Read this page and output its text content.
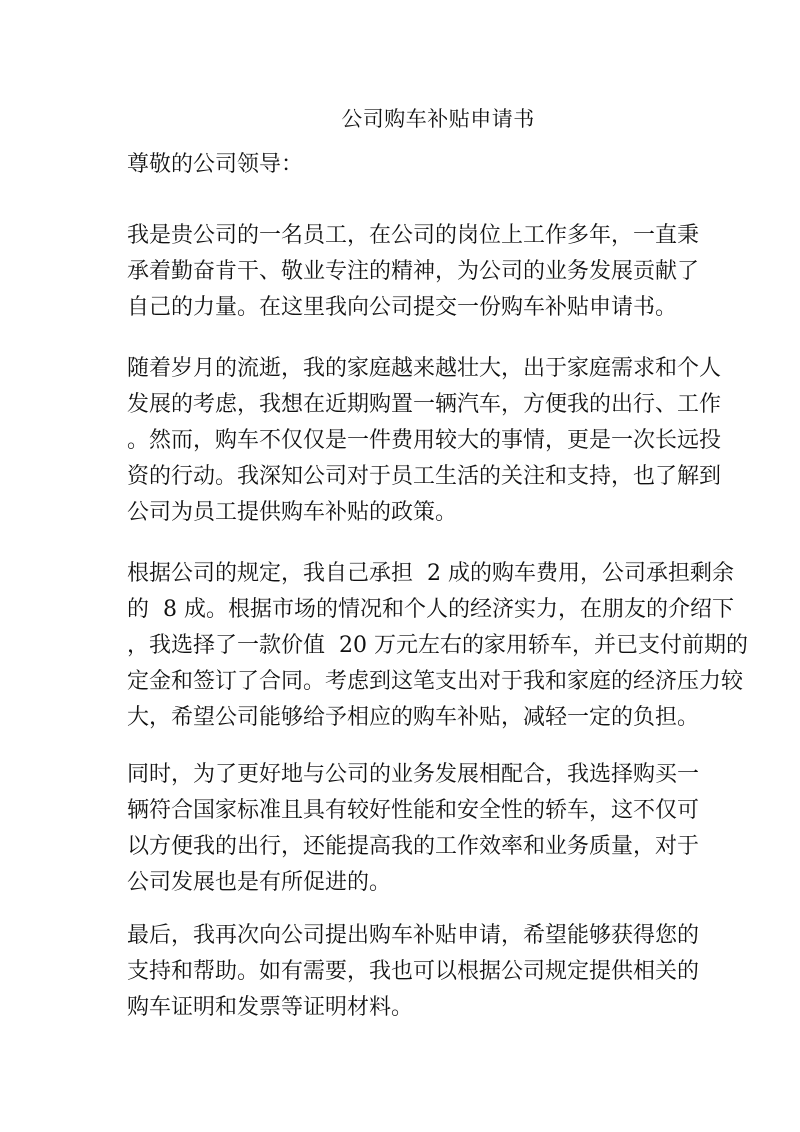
公司购车补贴申请书

尊敬的公司领导：

我是贵公司的一名员工，在公司的岗位上工作多年，一直秉
承着勤奋肯干、敬业专注的精神，为公司的业务发展贡献了
自己的力量。在这里我向公司提交一份购车补贴申请书。
随着岁月的流逝，我的家庭越来越壮大，出于家庭需求和个人
发展的考虑，我想在近期购置一辆汽车，方便我的出行、工作
。然而，购车不仅仅是一件费用较大的事情，更是一次长远投
资的行动。我深知公司对于员工生活的关注和支持，也了解到
公司为员工提供购车补贴的政策。
根据公司的规定，我自己承担  2 成的购车费用，公司承担剩余
的  8 成。根据市场的情况和个人的经济实力，在朋友的介绍下
，我选择了一款价值  20 万元左右的家用轿车，并已支付前期的
定金和签订了合同。考虑到这笔支出对于我和家庭的经济压力较
大，希望公司能够给予相应的购车补贴，减轻一定的负担。
同时，为了更好地与公司的业务发展相配合，我选择购买一
辆符合国家标准且具有较好性能和安全性的轿车，这不仅可
以方便我的出行，还能提高我的工作效率和业务质量，对于
公司发展也是有所促进的。
最后，我再次向公司提出购车补贴申请，希望能够获得您的
支持和帮助。如有需要，我也可以根据公司规定提供相关的
购车证明和发票等证明材料。
